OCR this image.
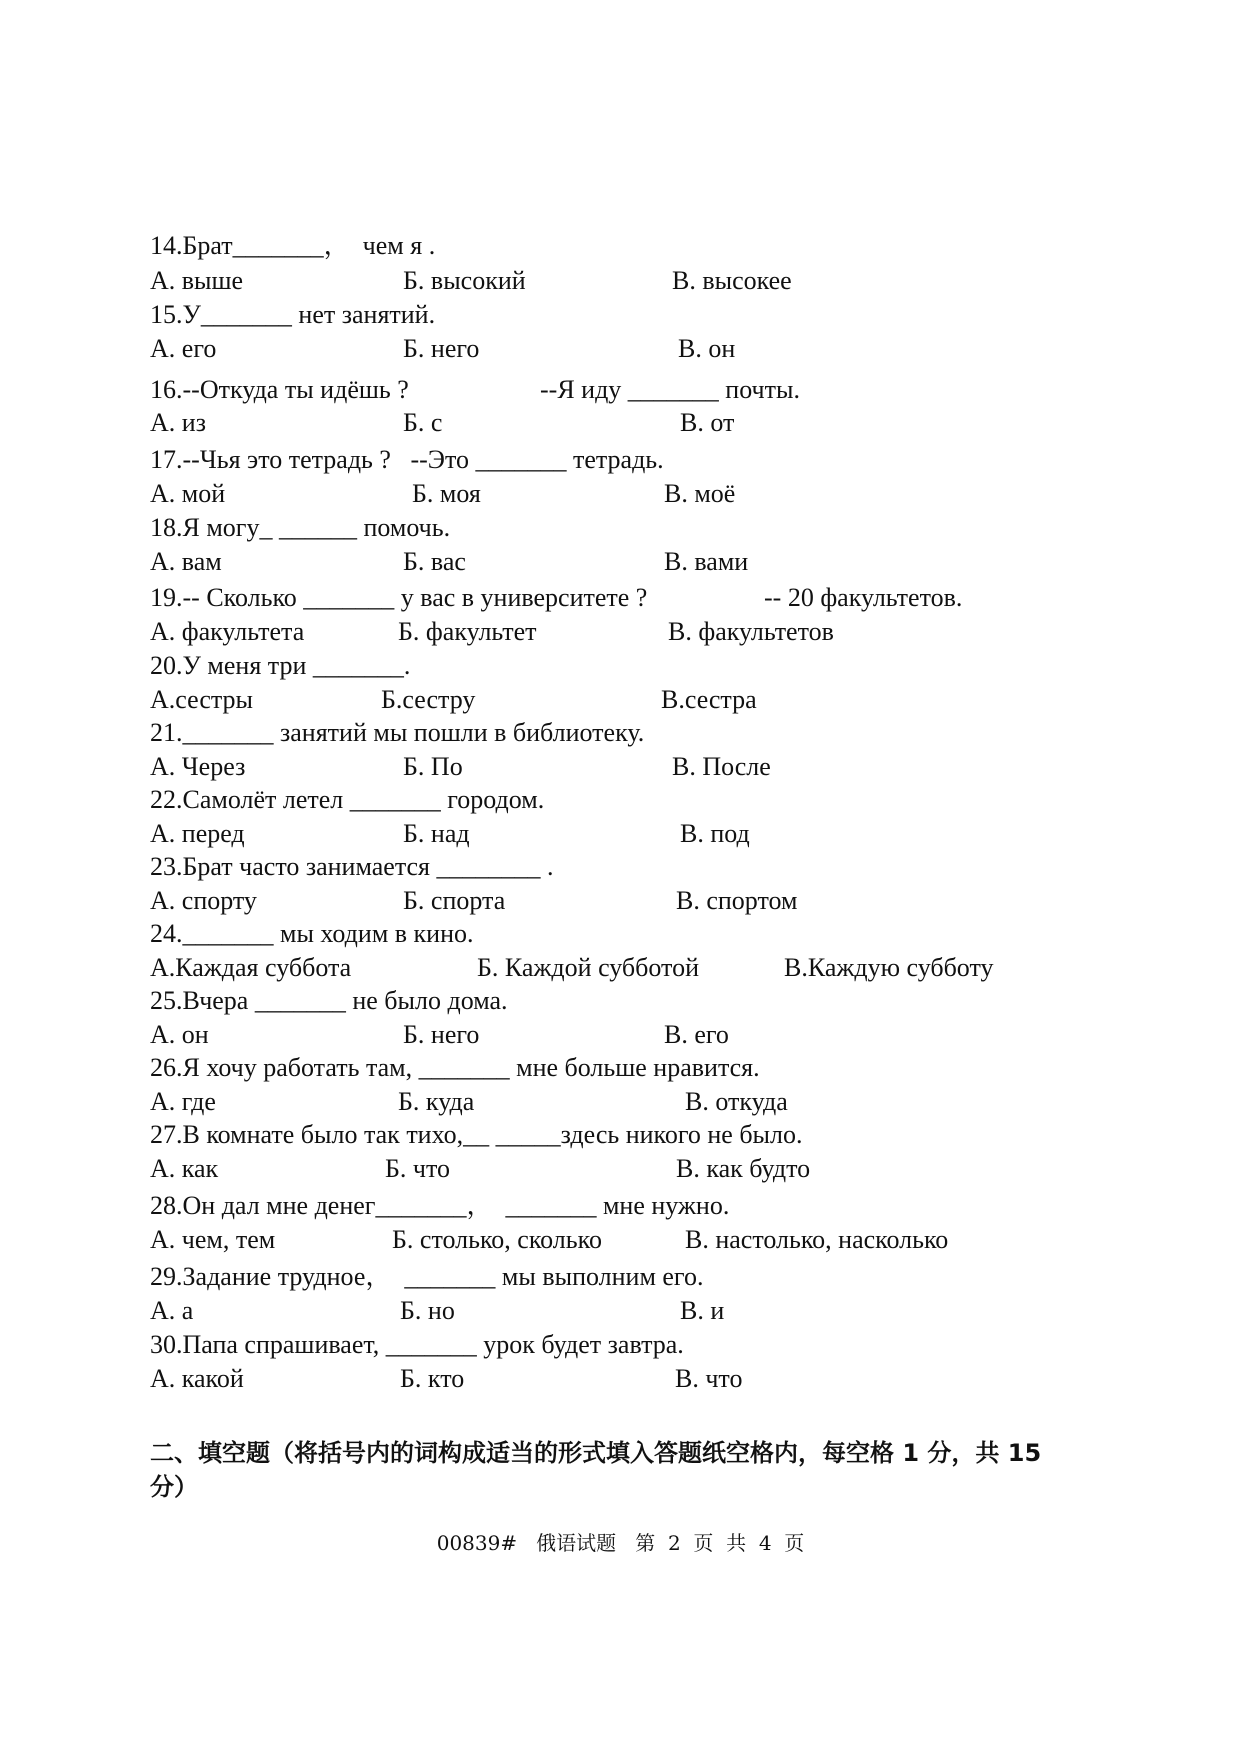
14.Брат_______，  чем я .
А. выше	Б. высокий	В. высокее
15.У_______ нет занятий.
А. его	Б. него	В. он
16.--Откуда ты идёшь ?	--Я иду _______ почты.
А. из	Б. с	В. от
17.--Чья это тетрадь ?   --Это _______ тетрадь.
А. мой	Б. моя	В. моё
18.Я могу_ ______ помочь.
А. вам	Б. вас	В. вами
19.-- Сколько _______ у вас в университете ?	-- 20 факультетов.
А. факультета	Б. факультет	В. факультетов
20.У меня три _______.
А.сестры	Б.сестру	В.сестра
21._______ занятий мы пошли в библиотеку.
А. Через	Б. По	В. После
22.Самолёт летел _______ городом.
А. перед	Б. над	В. под
23.Брат часто занимается ________ .
А. спорту	Б. спорта	В. спортом
24._______ мы ходим в кино.
А.Каждая суббота	Б. Каждой субботой	В.Каждую субботу
25.Вчера _______ не было дома.
А. он	Б. него	В. его
26.Я хочу работать там, _______ мне больше нравится.
А. где	Б. куда	В. откуда
27.В комнате было так тихо,__ _____здесь никого не было.
А. как	Б. что	В. как будто
28.Он дал мне денег_______，  _______ мне нужно.
А. чем, тем	Б. столько, сколько	В. настолько, насколько
29.Задание трудное，  _______ мы выполним его.
А. а	Б. но	В. и
30.Папа спрашивает, _______ урок будет завтра.
А. какой	Б. кто	В. что
二、填空题（将括号内的词构成适当的形式填入答题纸空格内，每空格 1 分，共 15 分）
00839#   俄语试题   第  2  页  共  4  页
